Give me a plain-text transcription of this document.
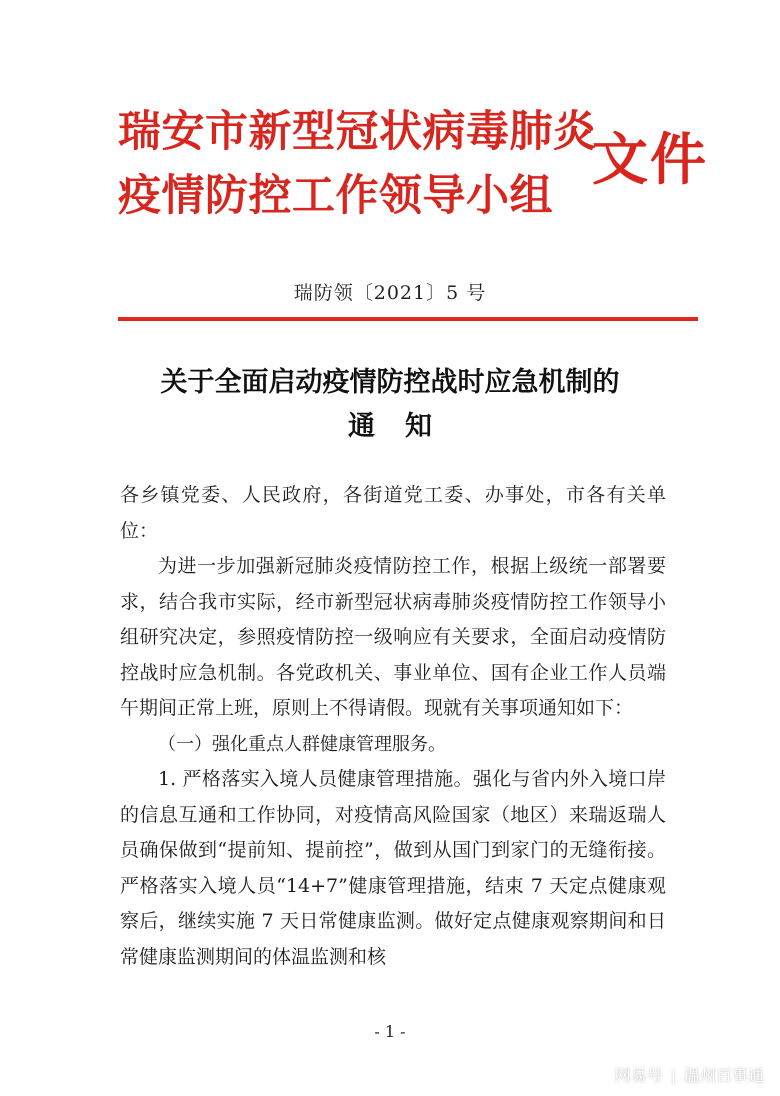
瑞安市新型冠状病毒肺炎
疫情防控工作领导小组
文件
瑞防领〔2021〕5 号
关于全面启动疫情防控战时应急机制的
通知

各乡镇党委、人民政府，各街道党工委、办事处，市各有关单位：

为进一步加强新冠肺炎疫情防控工作，根据上级统一部署要求，结合我市实际，经市新型冠状病毒肺炎疫情防控工作领导小组研究决定，参照疫情防控一级响应有关要求，全面启动疫情防控战时应急机制。各党政机关、事业单位、国有企业工作人员端午期间正常上班，原则上不得请假。现就有关事项通知如下：

（一）强化重点人群健康管理服务。

1. 严格落实入境人员健康管理措施。强化与省内外入境口岸的信息互通和工作协同，对疫情高风险国家（地区）来瑞返瑞人员确保做到“提前知、提前控”，做到从国门到家门的无缝衔接。严格落实入境人员“14+7”健康管理措施，结束 7 天定点健康观察后，继续实施 7 天日常健康监测。做好定点健康观察期间和日常健康监测期间的体温监测和核

- 1 -
网易号 | 温州百事通
